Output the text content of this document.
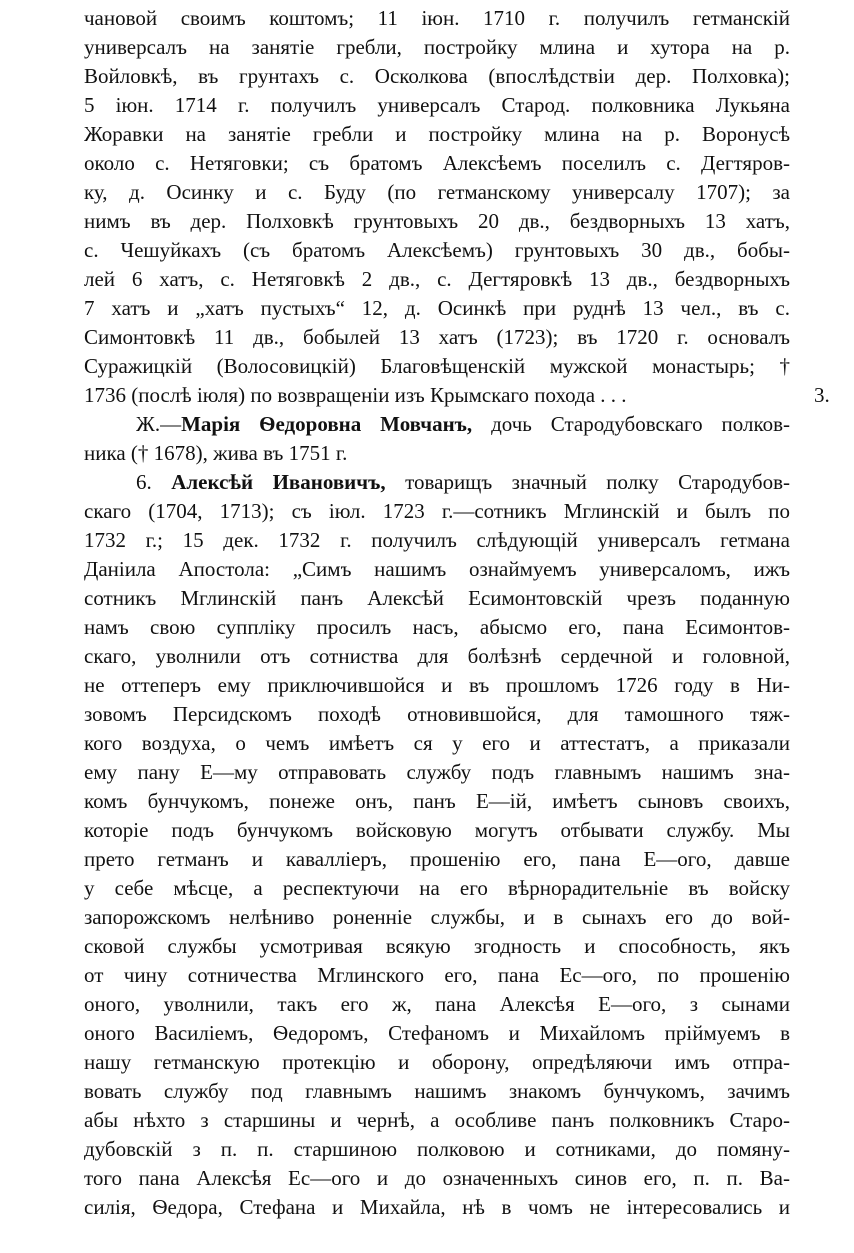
чановой своимъ коштомъ; 11 іюн. 1710 г. получилъ гетманскій
универсалъ на занятіе гребли, постройку млина и хутора на р.
Войловкѣ, въ грунтахъ с. Осколкова (впослѣдствіи дер. Полховка);
5 іюн. 1714 г. получилъ универсалъ Старод. полковника Лукьяна
Жоравки на занятіе гребли и постройку млина на р. Воронусѣ
около с. Нетяговки; съ братомъ Алексѣемъ поселилъ с. Дегтяров-
ку, д. Осинку и с. Буду (по гетманскому универсалу 1707); за
нимъ въ дер. Полховкѣ грунтовыхъ 20 дв., бездворныхъ 13 хатъ,
с. Чешуйкахъ (съ братомъ Алексѣемъ) грунтовыхъ 30 дв., бобы-
лей 6 хатъ, с. Нетяговкѣ 2 дв., с. Дегтяровкѣ 13 дв., бездворныхъ
7 хатъ и „хатъ пустыхъ“ 12, д. Осинкѣ при руднѣ 13 чел., въ с.
Симонтовкѣ 11 дв., бобылей 13 хатъ (1723); въ 1720 г. основалъ
Суражицкій (Волосовицкій) Благовѣщенскій мужской монастырь; †
1736 (послѣ іюля) по возвращеніи изъ Крымскаго похода . . .	3.
Ж.—Марія Ѳедоровна Мовчанъ, дочь Стародубовскаго полков-
ника († 1678), жива въ 1751 г.
6. Алексѣй Ивановичъ, товарищъ значный полку Стародубов-
скаго (1704, 1713); съ іюл. 1723 г.—сотникъ Мглинскій и былъ по
1732 г.; 15 дек. 1732 г. получилъ слѣдующій универсалъ гетмана
Даніила Апостола: „Симъ нашимъ ознаймуемъ универсаломъ, ижъ
сотникъ Мглинскій панъ Алексѣй Есимонтовскій чрезъ поданную
намъ свою суппліку просилъ насъ, абысмо его, пана Есимонтов-
скаго, уволнили отъ сотниства для болѣзнѣ сердечной и головной,
не оттеперъ ему приключившойся и въ прошломъ 1726 году в Ни-
зовомъ Персидскомъ походѣ отновившойся, для тамошного тяж-
кого воздуха, о чемъ имѣетъ ся у его и аттестатъ, а приказали
ему пану Е—му отправовать службу подъ главнымъ нашимъ зна-
комъ бунчукомъ, понеже онъ, панъ Е—ій, имѣетъ сыновъ своихъ,
которіе подъ бунчукомъ войсковую могутъ отбывати службу. Мы
прето гетманъ и кавалліеръ, прошенію его, пана Е—ого, давше
у себе мѣсце, а респектуючи на его вѣрнорадительніе въ войску
запорожскомъ нелѣниво роненніе службы, и в сынахъ его до вой-
сковой службы усмотривая всякую згодность и способность, якъ
от чину сотничества Мглинского его, пана Ес—ого, по прошенію
оного, уволнили, такъ его ж, пана Алексѣя Е—ого, з сынами
оного Василіемъ, Ѳедоромъ, Стефаномъ и Михайломъ пріймуемъ в
нашу гетманскую протекцію и оборону, опредѣляючи имъ отпра-
вовать службу под главнымъ нашимъ знакомъ бунчукомъ, зачимъ
абы нѣхто з старшины и чернѣ, а особливе панъ полковникъ Старо-
дубовскій з п. п. старшиною полковою и сотниками, до помяну-
того пана Алексѣя Ес—ого и до означенныхъ синов его, п. п. Ва-
силія, Ѳедора, Стефана и Михайла, нѣ в чомъ не інтересовались и
